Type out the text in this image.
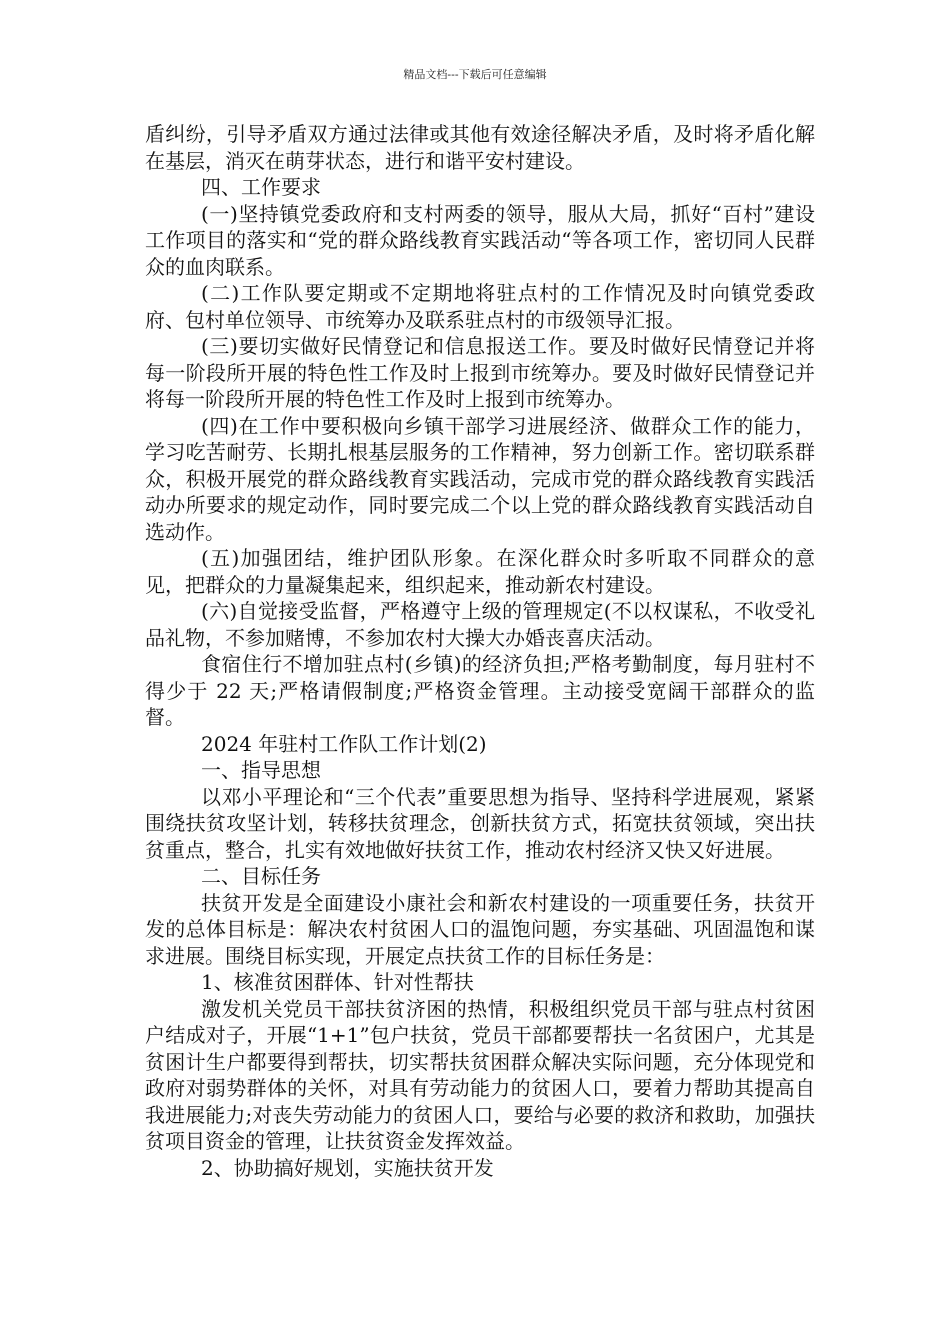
精品文档---下载后可任意编辑

盾纠纷，引导矛盾双方通过法律或其他有效途径解决矛盾，及时将矛盾化解在基层，消灭在萌芽状态，进行和谐平安村建设。

四、工作要求

(一)坚持镇党委政府和支村两委的领导，服从大局，抓好“百村”建设工作项目的落实和“党的群众路线教育实践活动“等各项工作，密切同人民群众的血肉联系。

(二)工作队要定期或不定期地将驻点村的工作情况及时向镇党委政府、包村单位领导、市统筹办及联系驻点村的市级领导汇报。

(三)要切实做好民情登记和信息报送工作。要及时做好民情登记并将每一阶段所开展的特色性工作及时上报到市统筹办。要及时做好民情登记并将每一阶段所开展的特色性工作及时上报到市统筹办。

(四)在工作中要积极向乡镇干部学习进展经济、做群众工作的能力，学习吃苦耐劳、长期扎根基层服务的工作精神，努力创新工作。密切联系群众，积极开展党的群众路线教育实践活动，完成市党的群众路线教育实践活动办所要求的规定动作，同时要完成二个以上党的群众路线教育实践活动自选动作。

(五)加强团结，维护团队形象。在深化群众时多听取不同群众的意见，把群众的力量凝集起来，组织起来，推动新农村建设。

(六)自觉接受监督，严格遵守上级的管理规定(不以权谋私，不收受礼品礼物，不参加赌博，不参加农村大操大办婚丧喜庆活动。

食宿住行不增加驻点村(乡镇)的经济负担;严格考勤制度，每月驻村不得少于 22 天;严格请假制度;严格资金管理。主动接受宽阔干部群众的监督。

2024 年驻村工作队工作计划(2)

一、指导思想

以邓小平理论和“三个代表”重要思想为指导、坚持科学进展观，紧紧围绕扶贫攻坚计划，转移扶贫理念，创新扶贫方式，拓宽扶贫领域，突出扶贫重点，整合，扎实有效地做好扶贫工作，推动农村经济又快又好进展。

二、目标任务

扶贫开发是全面建设小康社会和新农村建设的一项重要任务，扶贫开发的总体目标是：解决农村贫困人口的温饱问题，夯实基础、巩固温饱和谋求进展。围绕目标实现，开展定点扶贫工作的目标任务是：

1、核准贫困群体、针对性帮扶

激发机关党员干部扶贫济困的热情，积极组织党员干部与驻点村贫困户结成对子，开展“1+1”包户扶贫，党员干部都要帮扶一名贫困户，尤其是贫困计生户都要得到帮扶，切实帮扶贫困群众解决实际问题，充分体现党和政府对弱势群体的关怀，对具有劳动能力的贫困人口，要着力帮助其提高自我进展能力;对丧失劳动能力的贫困人口，要给与必要的救济和救助，加强扶贫项目资金的管理，让扶贫资金发挥效益。

2、协助搞好规划，实施扶贫开发
